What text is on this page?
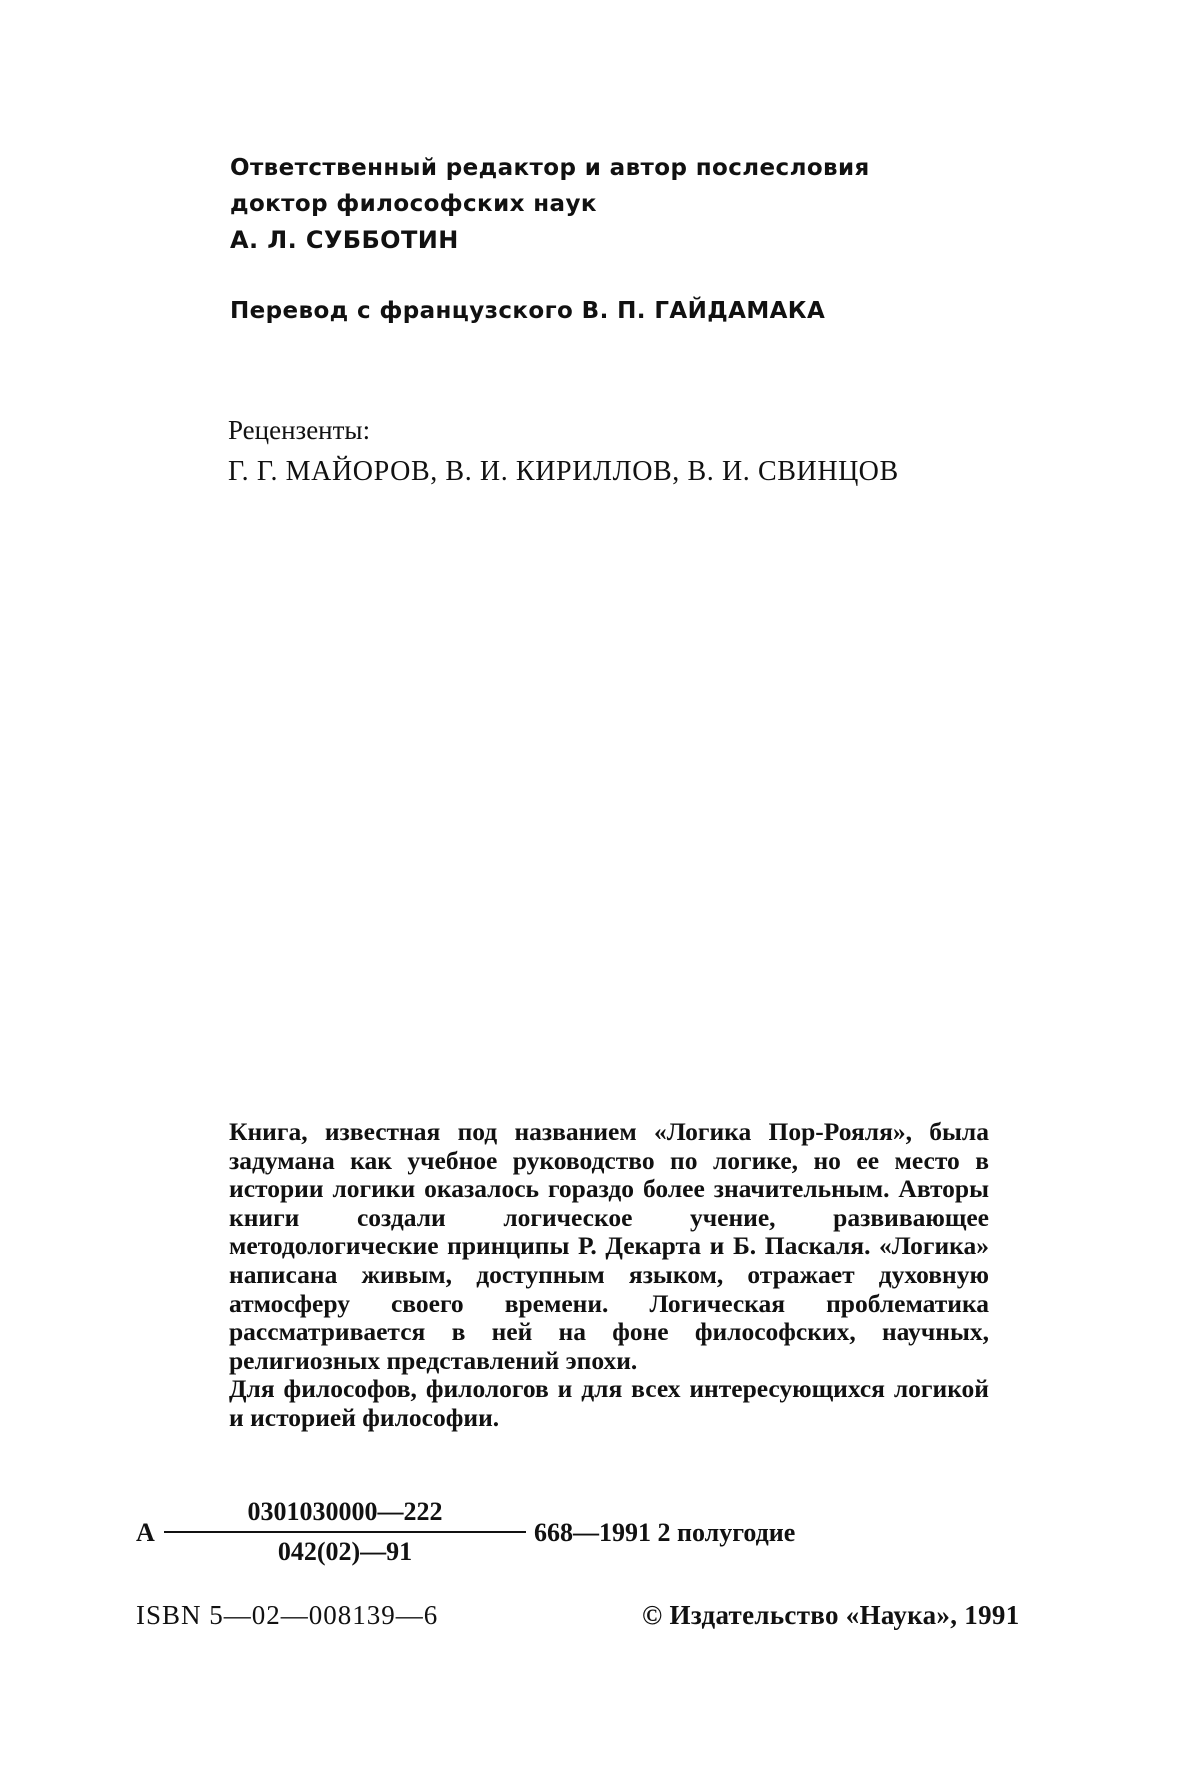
Ответственный редактор и автор послесловия
доктор философских наук
А. Л. СУББОТИН
Перевод с французского В. П. ГАЙДАМАКА
Рецензенты:
Г. Г. МАЙОРОВ, В. И. КИРИЛЛОВ, В. И. СВИНЦОВ

Книга, известная под названием «Логика Пор-Рояля», была задумана как учебное руководство по логике, но ее место в истории логики оказалось гораздо более значительным. Авторы книги создали логическое учение, развивающее методологические принципы Р. Декарта и Б. Паскаля. «Логика» написана живым, доступным языком, отражает духовную атмосферу своего времени. Логическая проблематика рассматривается в ней на фоне философских, научных, религиозных представлений эпохи.

Для философов, филологов и для всех интересующихся логикой и историей философии.

А
0301030000—222
042(02)—91
668—1991 2 полугодие
ISBN 5—02—008139—6	© Издательство «Наука», 1991
